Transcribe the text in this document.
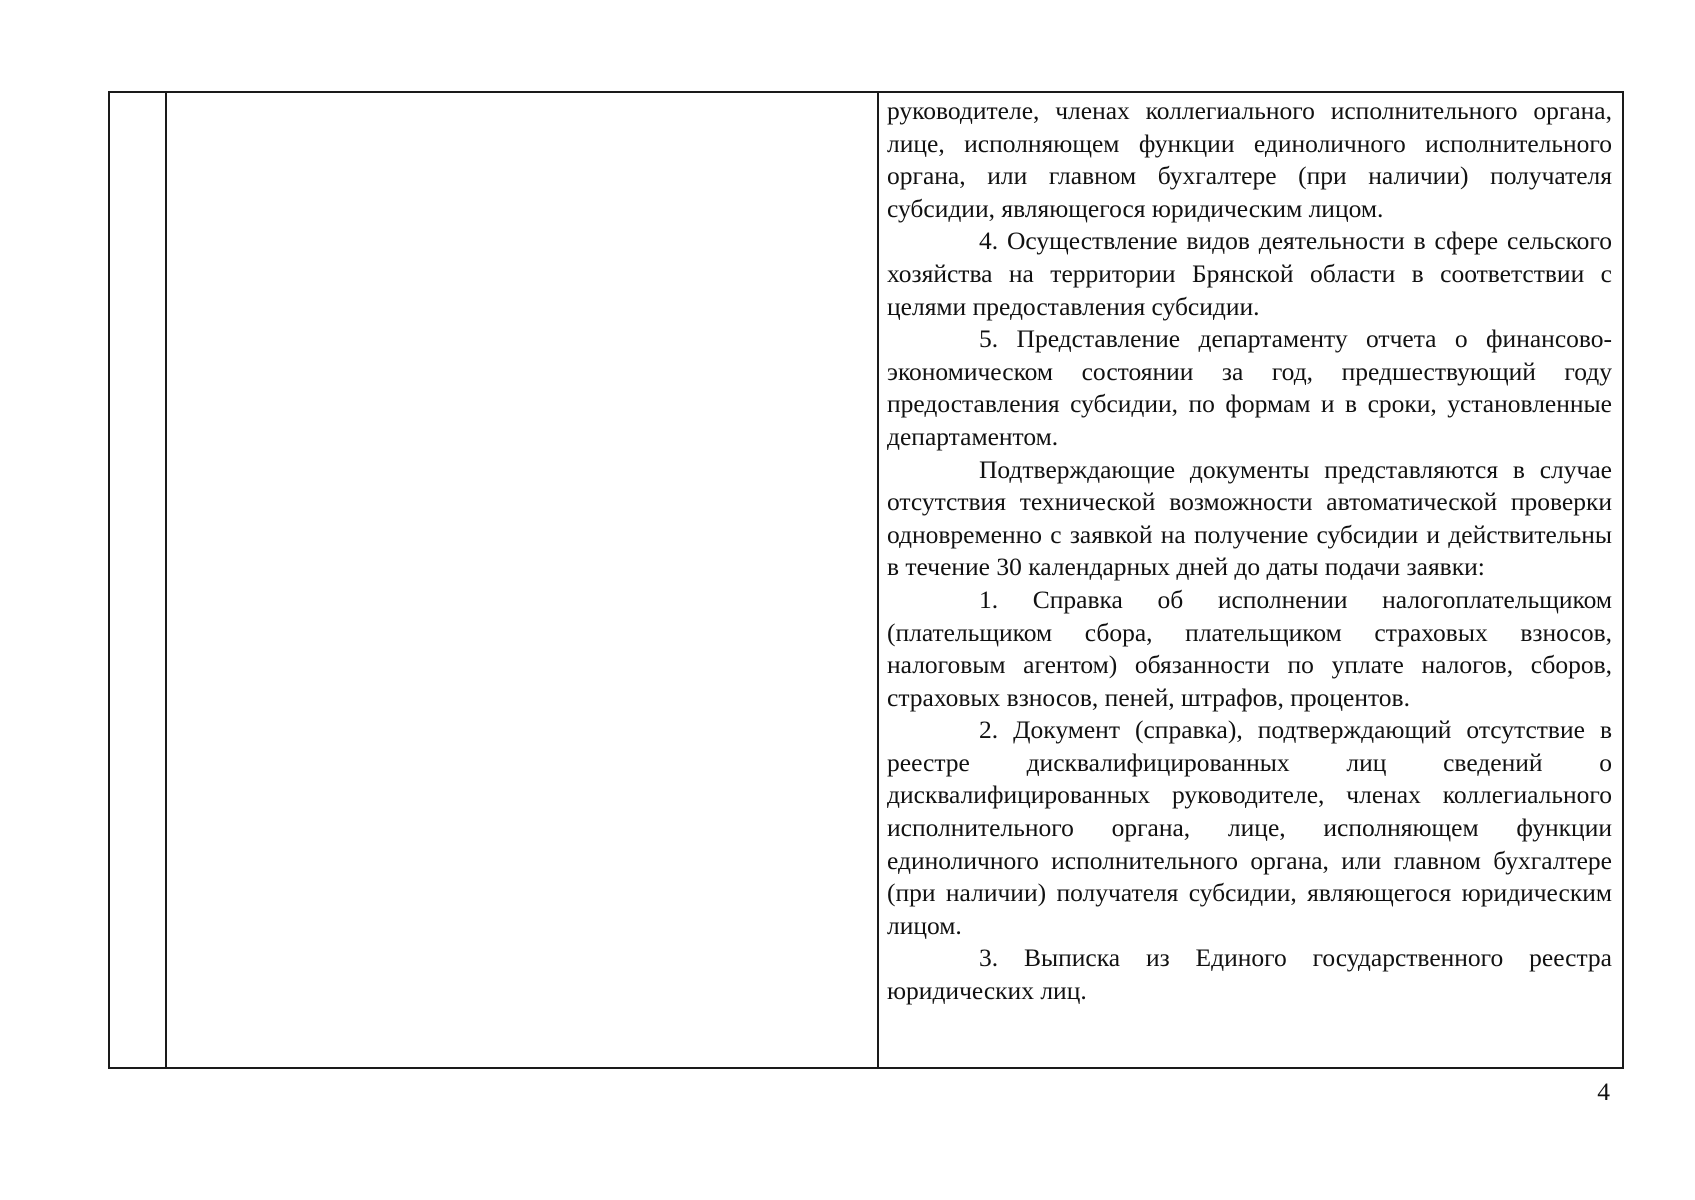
руководителе, членах коллегиального исполнительного органа, лице, исполняющем функции единоличного исполнительного органа, или главном бухгалтере (при наличии) получателя субсидии, являющегося юридическим лицом.

4. Осуществление видов деятельности в сфере сельского хозяйства на территории Брянской области в соответствии с целями предоставления субсидии.

5. Представление департаменту отчета о финансово-экономическом состоянии за год, предшествующий году предоставления субсидии, по формам и в сроки, установленные департаментом.

Подтверждающие документы представляются в случае отсутствия технической возможности автоматической проверки одновременно с заявкой на получение субсидии и действительны в течение 30 календарных дней до даты подачи заявки:

1. Справка об исполнении налогоплательщиком (плательщиком сбора, плательщиком страховых взносов, налоговым агентом) обязанности по уплате налогов, сборов, страховых взносов, пеней, штрафов, процентов.

2. Документ (справка), подтверждающий отсутствие в реестре дисквалифицированных лиц сведений о дисквалифицированных руководителе, членах коллегиального исполнительного органа, лице, исполняющем функции единоличного исполнительного органа, или главном бухгалтере (при наличии) получателя субсидии, являющегося юридическим лицом.

3. Выписка из Единого государственного реестра юридических лиц.

4
